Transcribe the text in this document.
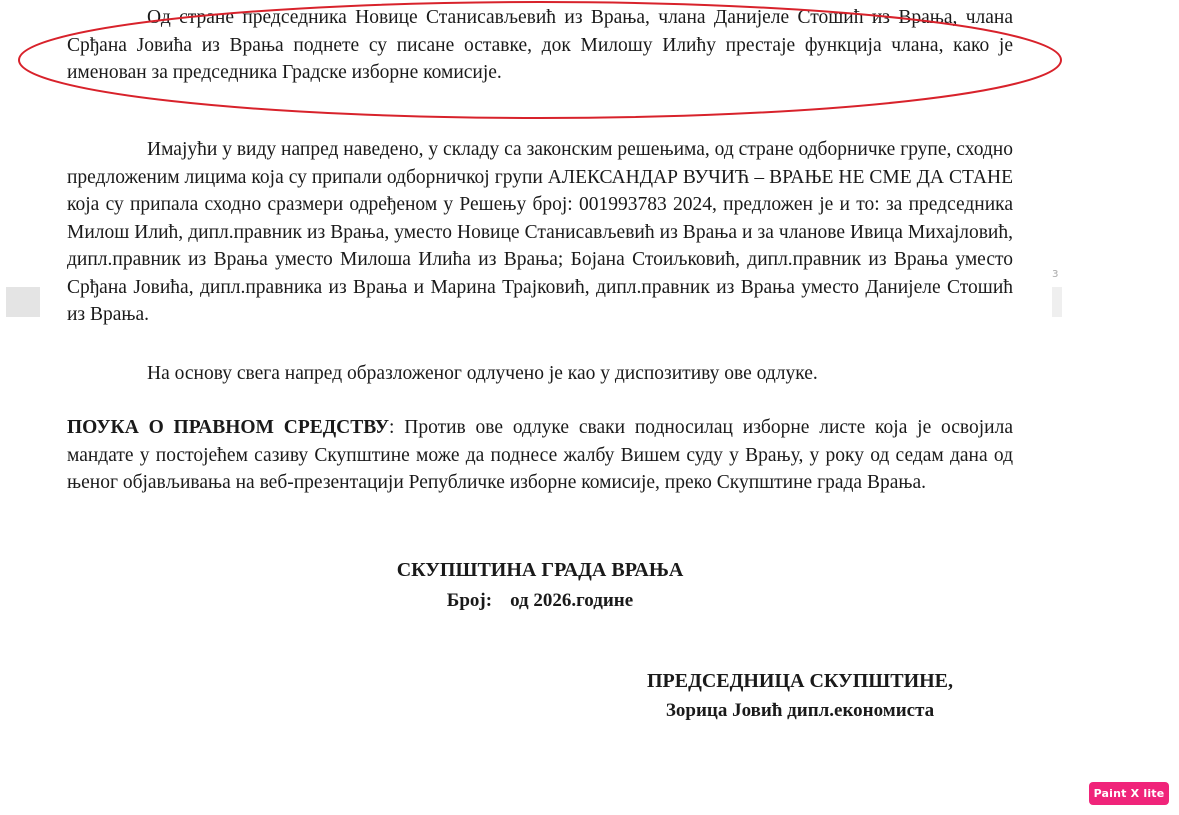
Од стране председника Новице Станисављевић из Врања, члана Данијеле Стошић из Врања, члана Срђана Јовића из Врања поднете су писане оставке, док Милошу Илићу престаје функција члана, како је именован за председника Градске изборне комисије.

Имајући у виду напред наведено, у складу са законским решењима, од стране одборничке групе, сходно предложеним лицима која су припали одборничкој групи АЛЕКСАНДАР ВУЧИЋ – ВРАЊЕ НЕ СМЕ ДА СТАНЕ која су припала сходно сразмери одређеном у Решењу број: 001993783 2024, предложен је и то: за председника Милош Илић, дипл.правник из Врања, уместо Новице Станисављевић из Врања и за чланове Ивица Михајловић, дипл.правник из Врања уместо Милоша Илића из Врања; Бојана Стоиљковић, дипл.правник из Врања уместо Срђана Јовића, дипл.правника из Врања и Марина Трајковић, дипл.правник из Врања уместо Данијеле Стошић из Врања.

На основу свега напред образложеног одлучено је као у диспозитиву ове одлуке.

ПОУКА О ПРАВНОМ СРЕДСТВУ: Против ове одлуке сваки подносилац изборне листе која је освојила мандате у постојећем сазиву Скупштине може да поднесе жалбу Вишем суду у Врању, у року од седам дана од њеног објављивања на веб-презентацији Републичке изборне комисије, преко Скупштине града Врања.

СКУПШТИНА ГРАДА ВРАЊА
Број: од 2026.године
ПРЕДСЕДНИЦА СКУПШТИНЕ,
Зорица Јовић дипл.економиста
з
Paint X lite
